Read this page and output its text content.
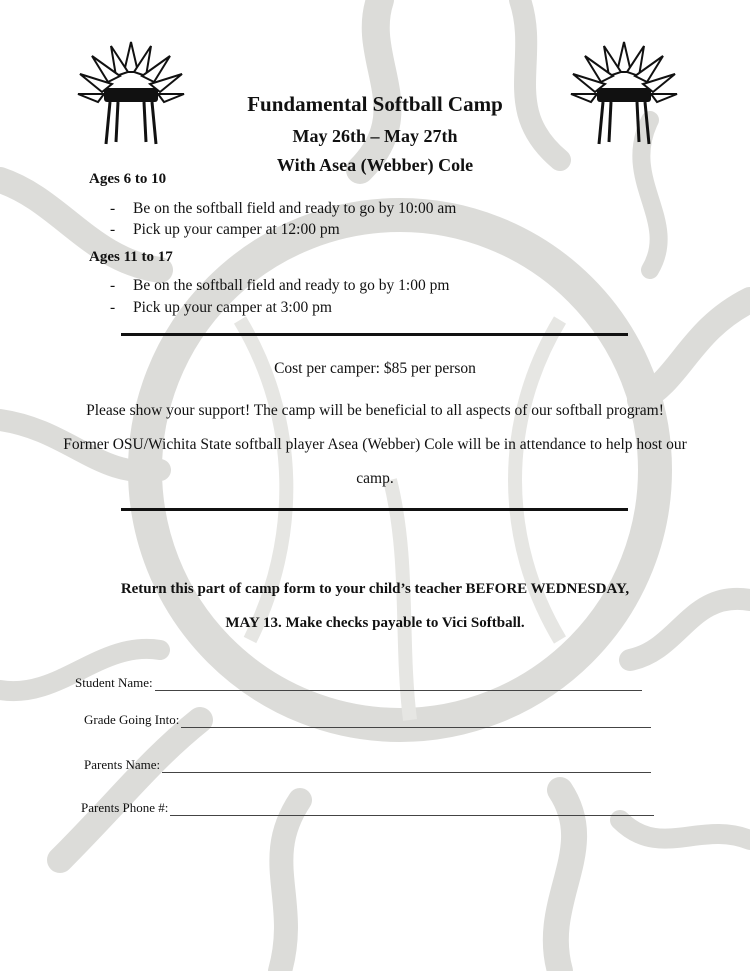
Fundamental Softball Camp
May 26th – May 27th
With Asea (Webber) Cole
Ages 6 to 10
-	Be on the softball field and ready to go by 10:00 am
-	Pick up your camper at 12:00 pm
Ages 11 to 17
-	Be on the softball field and ready to go by 1:00 pm
-	Pick up your camper at 3:00 pm
Cost per camper: $85 per person
Please show your support! The camp will be beneficial to all aspects of our softball program!
Former OSU/Wichita State softball player Asea (Webber) Cole will be in attendance to help host our
camp.
Return this part of camp form to your child’s teacher BEFORE WEDNESDAY,
MAY 13. Make checks payable to Vici Softball.
Student Name:
Grade Going Into:
Parents Name:
Parents Phone #:
